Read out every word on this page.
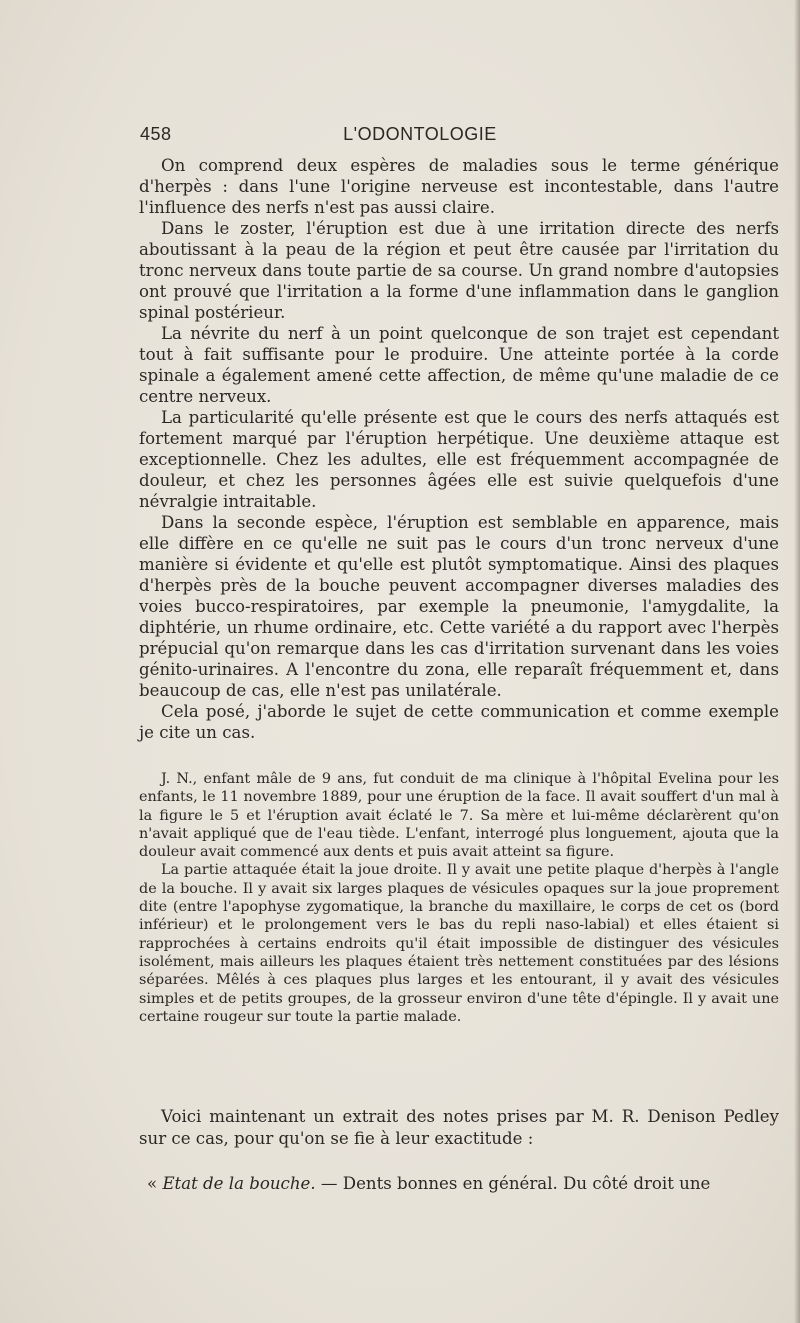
458	L'ODONTOLOGIE

On comprend deux espères de maladies sous le terme générique d'herpès : dans l'une l'origine nerveuse est incontestable, dans l'autre l'influence des nerfs n'est pas aussi claire.

Dans le zoster, l'éruption est due à une irritation directe des nerfs aboutissant à la peau de la région et peut être causée par l'irritation du tronc nerveux dans toute partie de sa course. Un grand nombre d'autopsies ont prouvé que l'irritation a la forme d'une inflammation dans le ganglion spinal postérieur.

La névrite du nerf à un point quelconque de son trajet est cependant tout à fait suffisante pour le produire. Une atteinte portée à la corde spinale a également amené cette affection, de même qu'une maladie de ce centre nerveux.

La particularité qu'elle présente est que le cours des nerfs attaqués est fortement marqué par l'éruption herpétique. Une deuxième attaque est exceptionnelle. Chez les adultes, elle est fréquemment accompagnée de douleur, et chez les personnes âgées elle est suivie quelquefois d'une névralgie intraitable.

Dans la seconde espèce, l'éruption est semblable en apparence, mais elle diffère en ce qu'elle ne suit pas le cours d'un tronc nerveux d'une manière si évidente et qu'elle est plutôt symptomatique. Ainsi des plaques d'herpès près de la bouche peuvent accompagner diverses maladies des voies bucco-respiratoires, par exemple la pneumonie, l'amygdalite, la diphtérie, un rhume ordinaire, etc. Cette variété a du rapport avec l'herpès prépucial qu'on remarque dans les cas d'irritation survenant dans les voies génito-urinaires. A l'encontre du zona, elle reparaît fréquemment et, dans beaucoup de cas, elle n'est pas unilatérale.

Cela posé, j'aborde le sujet de cette communication et comme exemple je cite un cas.

J. N., enfant mâle de 9 ans, fut conduit de ma clinique à l'hôpital Evelina pour les enfants, le 11 novembre 1889, pour une éruption de la face. Il avait souffert d'un mal à la figure le 5 et l'éruption avait éclaté le 7. Sa mère et lui-même déclarèrent qu'on n'avait appliqué que de l'eau tiède. L'enfant, interrogé plus longuement, ajouta que la douleur avait commencé aux dents et puis avait atteint sa figure.

La partie attaquée était la joue droite. Il y avait une petite plaque d'herpès à l'angle de la bouche. Il y avait six larges plaques de vésicules opaques sur la joue proprement dite (entre l'apophyse zygomatique, la branche du maxillaire, le corps de cet os (bord inférieur) et le prolongement vers le bas du repli naso-labial) et elles étaient si rapprochées à certains endroits qu'il était impossible de distinguer des vésicules isolément, mais ailleurs les plaques étaient très nettement constituées par des lésions séparées. Mêlés à ces plaques plus larges et les entourant, il y avait des vésicules simples et de petits groupes, de la grosseur environ d'une tête d'épingle. Il y avait une certaine rougeur sur toute la partie malade.

Voici maintenant un extrait des notes prises par M. R. Denison Pedley sur ce cas, pour qu'on se fie à leur exactitude :

« Etat de la bouche. — Dents bonnes en général. Du côté droit une
